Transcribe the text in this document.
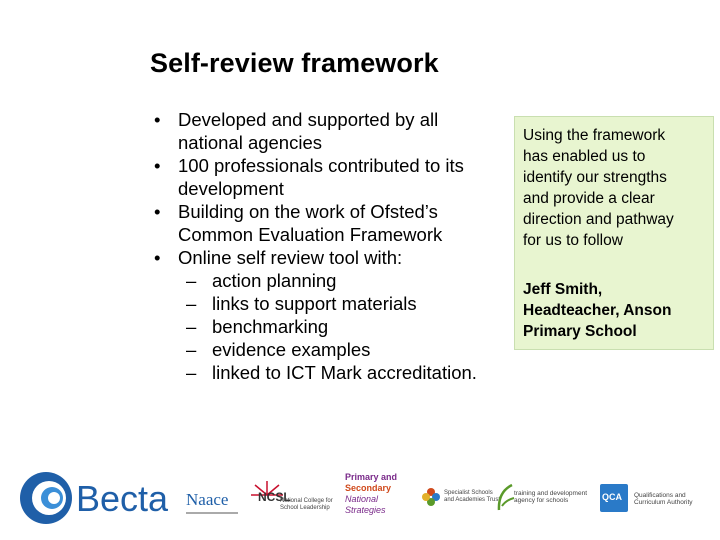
Self-review framework
• Developed and supported by all
national agencies
• 100 professionals contributed to its
development
• Building on the work of Ofsted’s
Common Evaluation Framework
• Online self review tool with:
– action planning
– links to support materials
– benchmarking
– evidence examples
– linked to ICT Mark accreditation.
Using the framework
has enabled us to
identify our strengths
and provide a clear
direction and pathway
for us to follow
Jeff Smith,
Headteacher, Anson
Primary School
Becta Naace NCSL
National College for
School Leadership
Primary and
Secondary
National Strategies
Specialist Schools
and Academies Trust
training and development
agency for schools	QCA Qualifications and
Curriculum Authority
